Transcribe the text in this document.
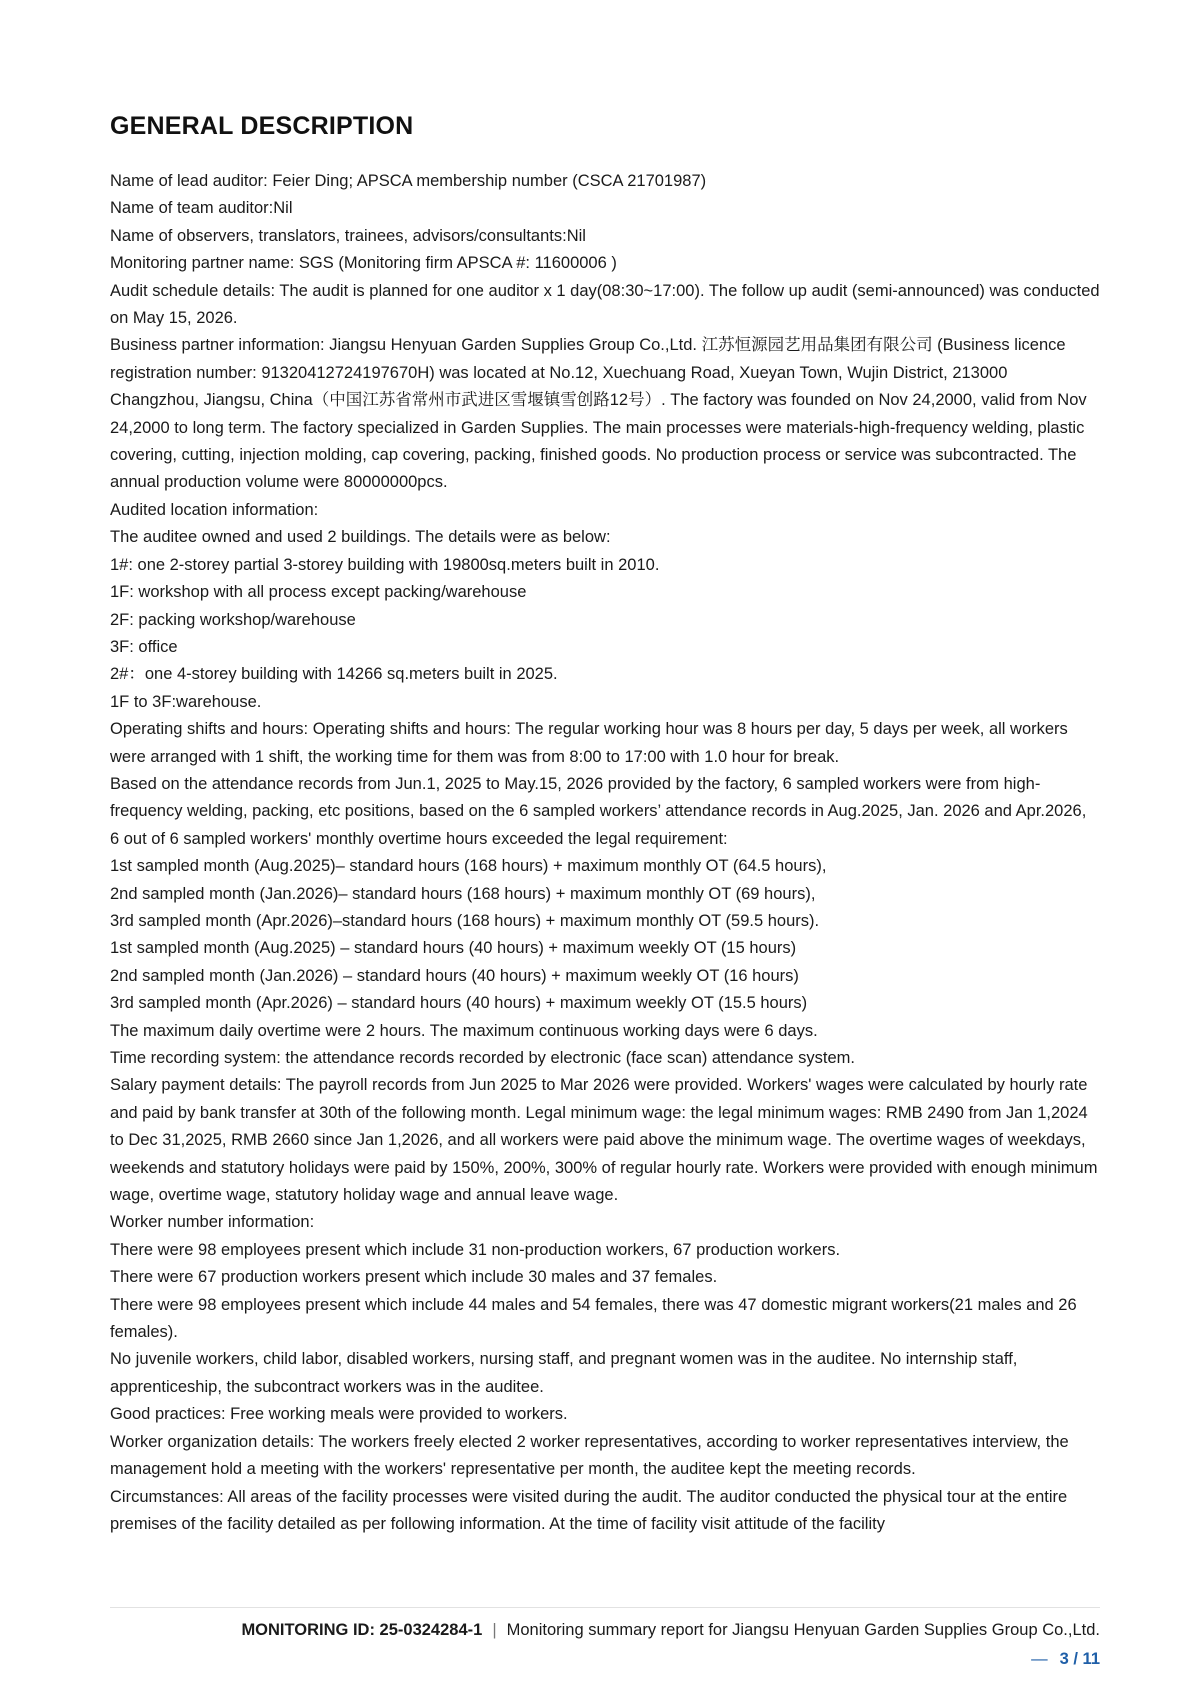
GENERAL DESCRIPTION

Name of lead auditor: Feier Ding; APSCA membership number (CSCA 21701987)

Name of team auditor:Nil

Name of observers, translators, trainees, advisors/consultants:Nil

Monitoring partner name: SGS (Monitoring firm APSCA #: 11600006 )

Audit schedule details: The audit is planned for one auditor x 1 day(08:30~17:00). The follow up audit (semi-announced) was conducted on May 15, 2026.

Business partner information: Jiangsu Henyuan Garden Supplies Group Co.,Ltd. 江苏恒源园艺用品集团有限公司 (Business licence registration number: 91320412724197670H) was located at No.12, Xuechuang Road, Xueyan Town, Wujin District, 213000 Changzhou, Jiangsu, China（中国江苏省常州市武进区雪堰镇雪创路12号）. The factory was founded on Nov 24,2000, valid from Nov 24,2000 to long term. The factory specialized in Garden Supplies. The main processes were materials-high-frequency welding, plastic covering, cutting, injection molding, cap covering, packing, finished goods. No production process or service was subcontracted. The annual production volume were 80000000pcs.

Audited location information:

The auditee owned and used 2 buildings. The details were as below:

1#: one 2-storey partial 3-storey building with 19800sq.meters built in 2010.

1F: workshop with all process except packing/warehouse

2F: packing workshop/warehouse

3F: office

2#：one 4-storey building with 14266 sq.meters built in 2025.

1F to 3F:warehouse.

Operating shifts and hours: Operating shifts and hours: The regular working hour was 8 hours per day, 5 days per week, all workers were arranged with 1 shift, the working time for them was from 8:00 to 17:00 with 1.0 hour for break.

Based on the attendance records from Jun.1, 2025 to May.15, 2026 provided by the factory, 6 sampled workers were from high-frequency welding, packing, etc positions, based on the 6 sampled workers’ attendance records in Aug.2025, Jan. 2026 and Apr.2026, 6 out of 6 sampled workers' monthly overtime hours exceeded the legal requirement:

1st sampled month (Aug.2025)– standard hours (168 hours) + maximum monthly OT (64.5 hours),

2nd sampled month (Jan.2026)– standard hours (168 hours) + maximum monthly OT (69 hours),

3rd sampled month (Apr.2026)–standard hours (168 hours) + maximum monthly OT (59.5 hours).

1st sampled month (Aug.2025) – standard hours (40 hours) + maximum weekly OT (15 hours)

2nd sampled month (Jan.2026) – standard hours (40 hours) + maximum weekly OT (16 hours)

3rd sampled month (Apr.2026) – standard hours (40 hours) + maximum weekly OT (15.5 hours)

The maximum daily overtime were 2 hours. The maximum continuous working days were 6 days.

Time recording system: the attendance records recorded by electronic (face scan) attendance system.

Salary payment details: The payroll records from Jun 2025 to Mar 2026 were provided. Workers' wages were calculated by hourly rate and paid by bank transfer at 30th of the following month. Legal minimum wage: the legal minimum wages: RMB 2490 from Jan 1,2024 to Dec 31,2025, RMB 2660 since Jan 1,2026, and all workers were paid above the minimum wage. The overtime wages of weekdays, weekends and statutory holidays were paid by 150%, 200%, 300% of regular hourly rate. Workers were provided with enough minimum wage, overtime wage, statutory holiday wage and annual leave wage.

Worker number information:

There were 98 employees present which include 31 non-production workers, 67 production workers.

There were 67 production workers present which include 30 males and 37 females.

There were 98 employees present which include 44 males and 54 females, there was 47 domestic migrant workers(21 males and 26 females).

No juvenile workers, child labor, disabled workers, nursing staff, and pregnant women was in the auditee. No internship staff, apprenticeship, the subcontract workers was in the auditee.

Good practices: Free working meals were provided to workers.

Worker organization details: The workers freely elected 2 worker representatives, according to worker representatives interview, the management hold a meeting with the workers' representative per month, the auditee kept the meeting records.

Circumstances: All areas of the facility processes were visited during the audit. The auditor conducted the physical tour at the entire premises of the facility detailed as per following information. At the time of facility visit attitude of the facility

MONITORING ID: 25-0324284-1 | Monitoring summary report for Jiangsu Henyuan Garden Supplies Group Co.,Ltd.
— 3 / 11
